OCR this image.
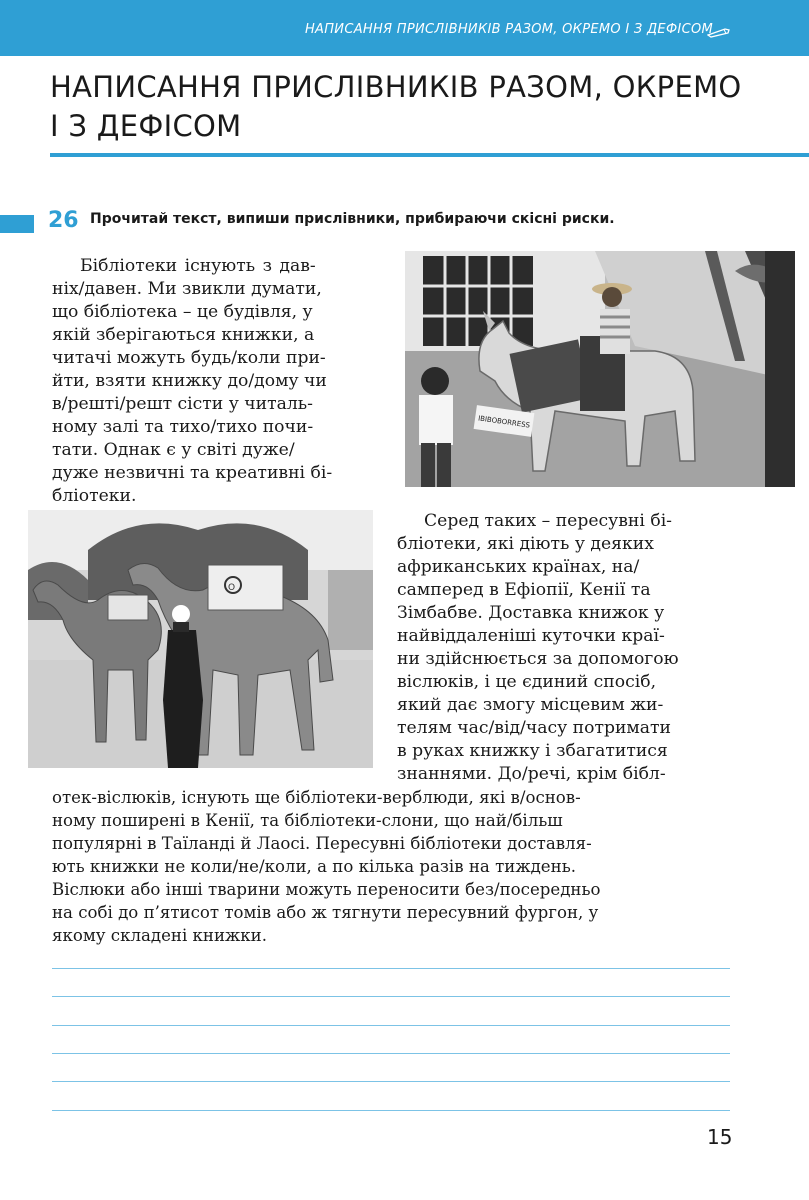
НАПИСАННЯ ПРИСЛІВНИКІВ РАЗОМ, ОКРЕМО І З ДЕФІСОМ
НАПИСАННЯ ПРИСЛІВНИКІВ РАЗОМ, ОКРЕМО
І З ДЕФІСОМ
26 Прочитай текст, випиши прислівники, прибираючи скісні риски.
IBIBOBORRESS
O
Бібліотеки існують з дав-
ніх/давен. Ми звикли думати,
що бібліотека – це будівля, у
якій зберігаються книжки, а
читачі можуть будь/коли при-
йти, взяти книжку до/дому чи
в/решті/решт сісти у читаль-
ному залі та тихо/тихо почи-
тати. Однак є у світі дуже/
дуже незвичні та креативні бі-
бліотеки.
Серед таких – пересувні бі-
бліотеки, які діють у деяких
африканських країнах, на/
самперед в Ефіопії, Кенії та
Зімбабве. Доставка книжок у
найвіддаленіші куточки краї-
ни здійснюється за допомогою
віслюків, і це єдиний спосіб,
який дає змогу місцевим жи-
телям час/від/часу потримати
в руках книжку і збагатитися
знаннями. До/речі, крім бібл-
отек-віслюків, існують ще бібліотеки-верблюди, які в/основ-
ному поширені в Кенії, та бібліотеки-слони, що най/більш
популярні в Таїланді й Лаосі. Пересувні бібліотеки доставля-
ють книжки не коли/не/коли, а по кілька разів на тиждень.
Віслюки або інші тварини можуть переносити без/посередньо
на собі до п’ятисот томів або ж тягнути пересувний фургон, у
якому складені книжки.
15
